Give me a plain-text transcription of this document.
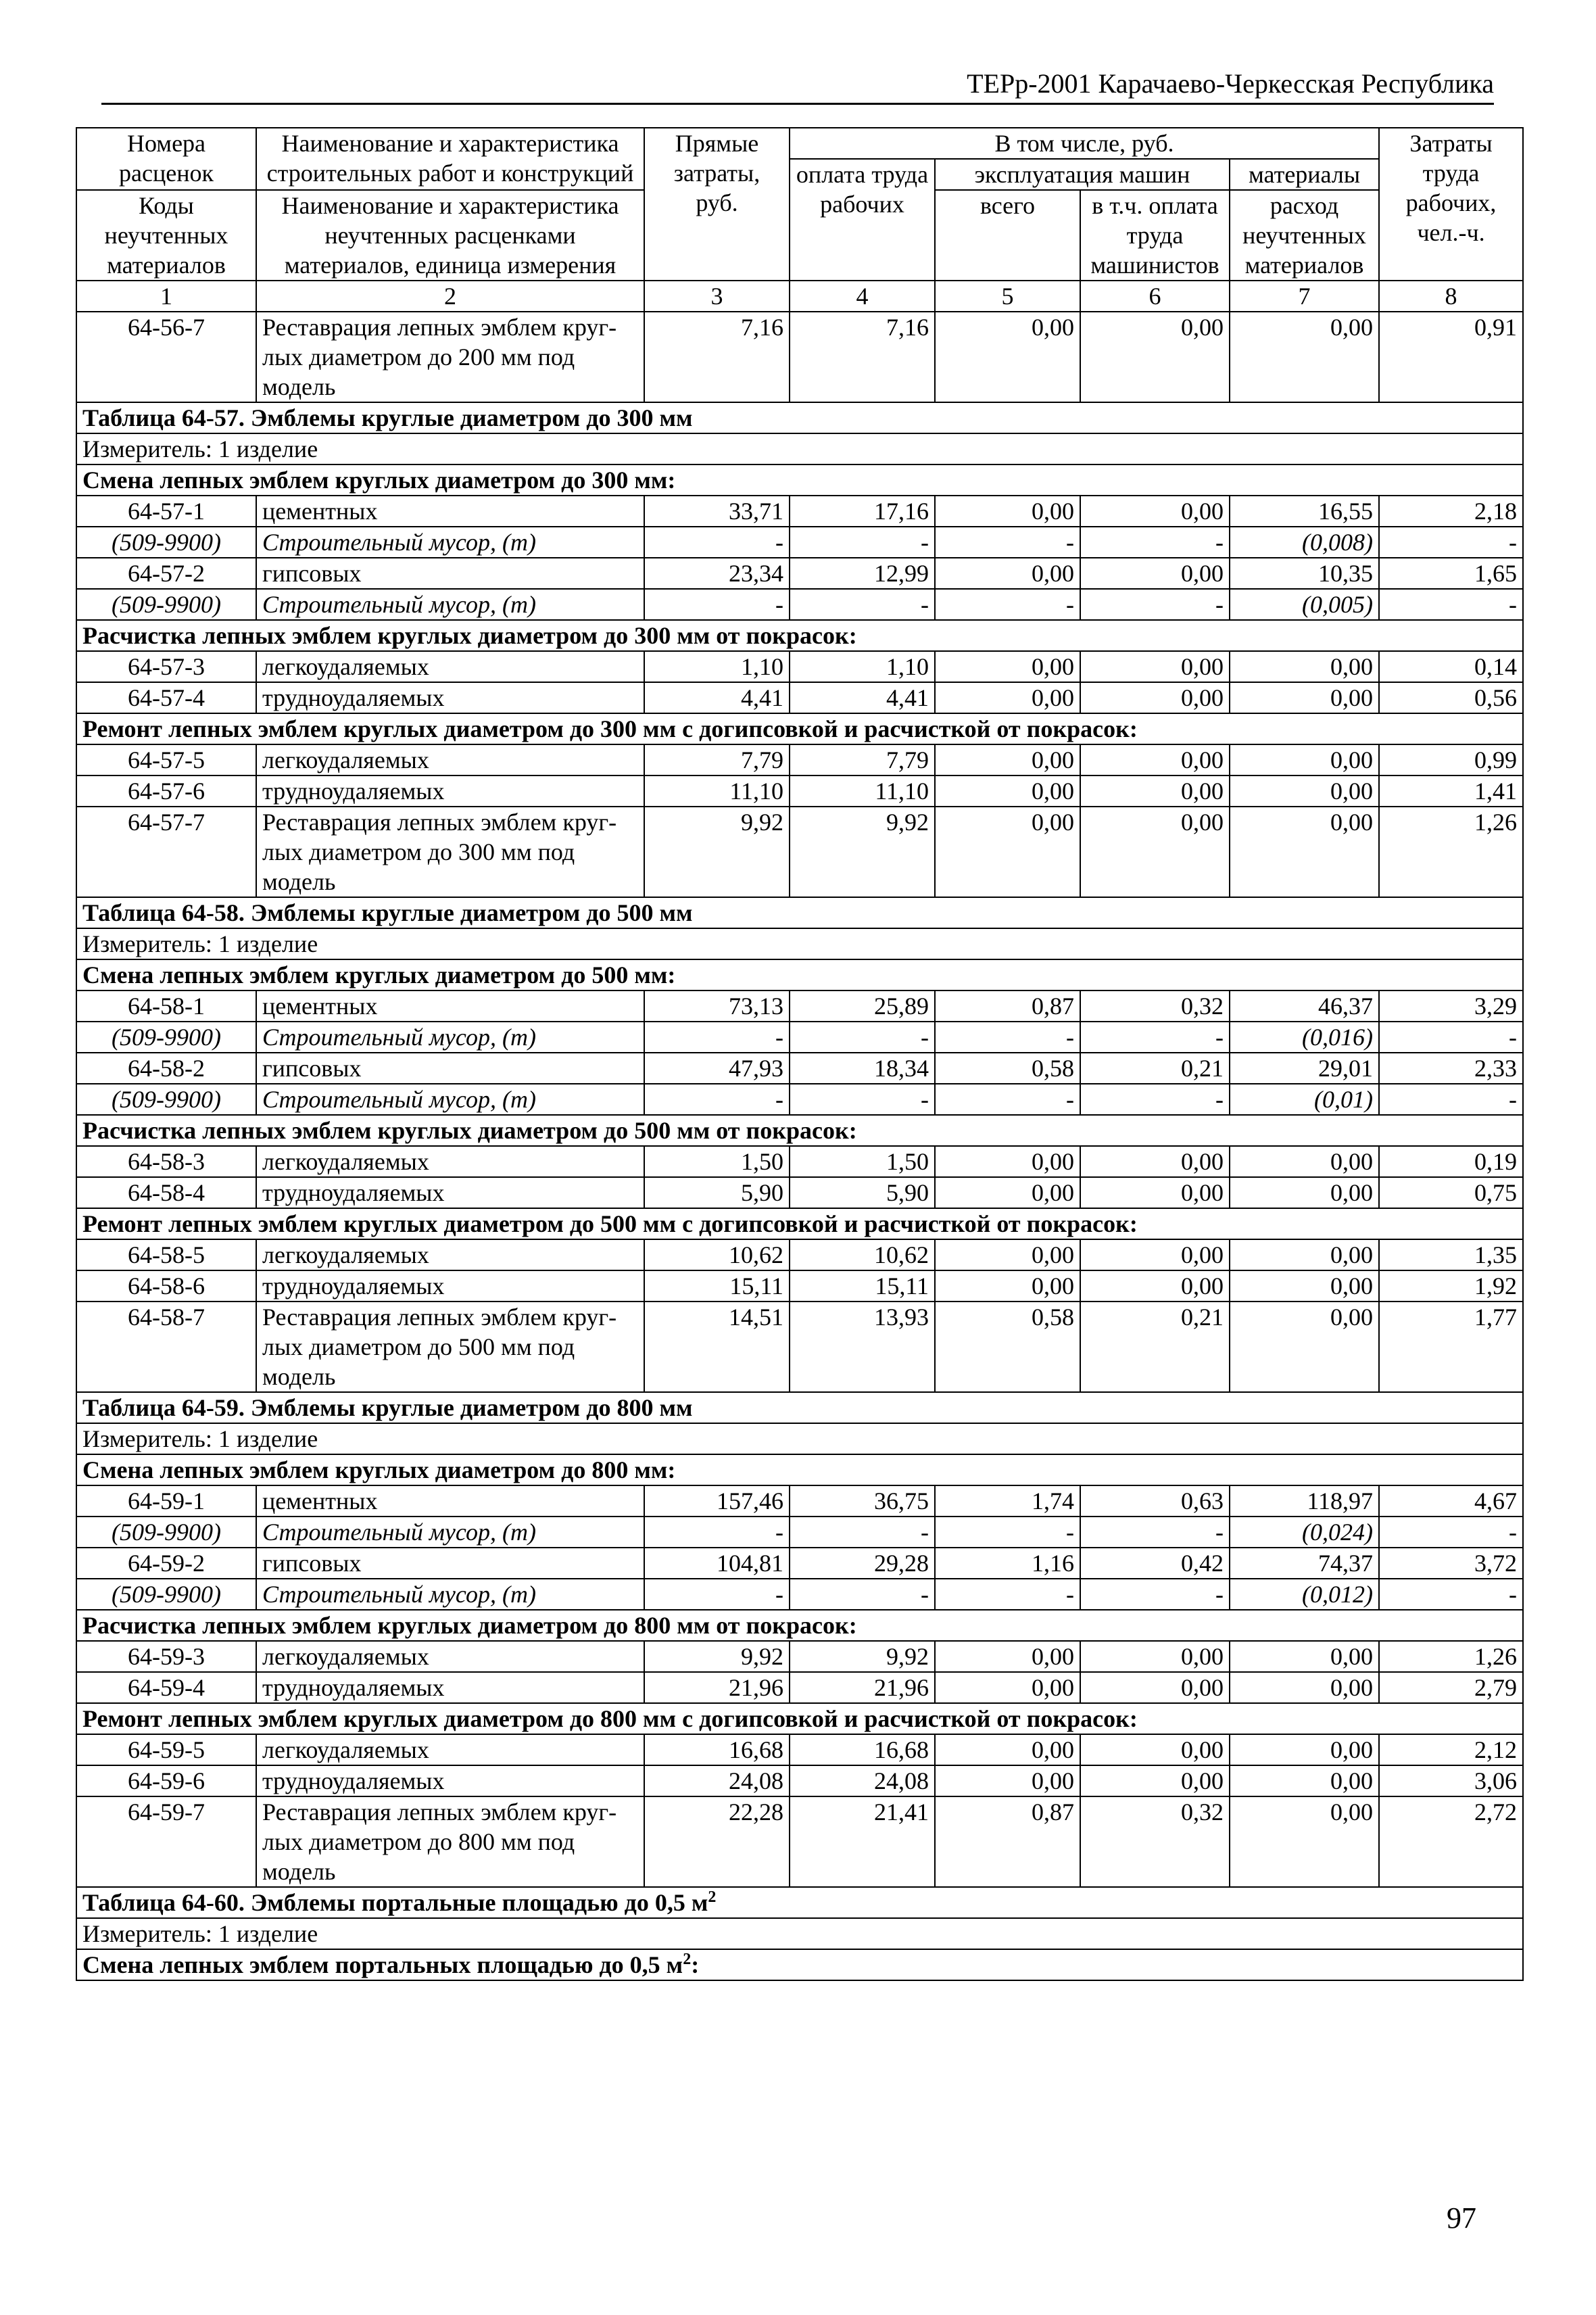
ТЕРр-2001 Карачаево-Черкесская Республика
Номера расценок	Наименование и характеристика строительных работ и конструкций	Прямые затраты, руб.	В том числе, руб.				Затраты труда рабочих, чел.-ч.
			оплата труда рабочих	эксплуатация машин		материалы	
Коды неучтенных материалов	Наименование и характеристика неучтенных расценками материалов, единица измерения			всего	в т.ч. оплата труда машинистов	расход неучтенных материалов	

1	2	3	4	5	6	7	8
64-56-7	Реставрация лепных эмблем круг-лых диаметром до 200 мм под модель	7,16	7,16	0,00	0,00	0,00	0,91
Таблица 64-57. Эмблемы круглые диаметром до 300 мм							
Измеритель: 1 изделие							
Смена лепных эмблем круглых диаметром до 300 мм:							
64-57-1	цементных	33,71	17,16	0,00	0,00	16,55	2,18
(509-9900)	Строительный мусор, (т)	-	-	-	-	(0,008)	-
64-57-2	гипсовых	23,34	12,99	0,00	0,00	10,35	1,65
(509-9900)	Строительный мусор, (т)	-	-	-	-	(0,005)	-
Расчистка лепных эмблем круглых диаметром до 300 мм от покрасок:							
64-57-3	легкоудаляемых	1,10	1,10	0,00	0,00	0,00	0,14
64-57-4	трудноудаляемых	4,41	4,41	0,00	0,00	0,00	0,56
Ремонт лепных эмблем круглых диаметром до 300 мм с догипсовкой и расчисткой от покрасок:							
64-57-5	легкоудаляемых	7,79	7,79	0,00	0,00	0,00	0,99
64-57-6	трудноудаляемых	11,10	11,10	0,00	0,00	0,00	1,41
64-57-7	Реставрация лепных эмблем круг-лых диаметром до 300 мм под модель	9,92	9,92	0,00	0,00	0,00	1,26
Таблица 64-58. Эмблемы круглые диаметром до 500 мм							
Измеритель: 1 изделие							
Смена лепных эмблем круглых диаметром до 500 мм:							
64-58-1	цементных	73,13	25,89	0,87	0,32	46,37	3,29
(509-9900)	Строительный мусор, (т)	-	-	-	-	(0,016)	-
64-58-2	гипсовых	47,93	18,34	0,58	0,21	29,01	2,33
(509-9900)	Строительный мусор, (т)	-	-	-	-	(0,01)	-
Расчистка лепных эмблем круглых диаметром до 500 мм от покрасок:							
64-58-3	легкоудаляемых	1,50	1,50	0,00	0,00	0,00	0,19
64-58-4	трудноудаляемых	5,90	5,90	0,00	0,00	0,00	0,75
Ремонт лепных эмблем круглых диаметром до 500 мм с догипсовкой и расчисткой от покрасок:							
64-58-5	легкоудаляемых	10,62	10,62	0,00	0,00	0,00	1,35
64-58-6	трудноудаляемых	15,11	15,11	0,00	0,00	0,00	1,92
64-58-7	Реставрация лепных эмблем круг-лых диаметром до 500 мм под модель	14,51	13,93	0,58	0,21	0,00	1,77
Таблица 64-59. Эмблемы круглые диаметром до 800 мм							
Измеритель: 1 изделие							
Смена лепных эмблем круглых диаметром до 800 мм:							
64-59-1	цементных	157,46	36,75	1,74	0,63	118,97	4,67
(509-9900)	Строительный мусор, (т)	-	-	-	-	(0,024)	-
64-59-2	гипсовых	104,81	29,28	1,16	0,42	74,37	3,72
(509-9900)	Строительный мусор, (т)	-	-	-	-	(0,012)	-
Расчистка лепных эмблем круглых диаметром до 800 мм от покрасок:							
64-59-3	легкоудаляемых	9,92	9,92	0,00	0,00	0,00	1,26
64-59-4	трудноудаляемых	21,96	21,96	0,00	0,00	0,00	2,79
Ремонт лепных эмблем круглых диаметром до 800 мм с догипсовкой и расчисткой от покрасок:							
64-59-5	легкоудаляемых	16,68	16,68	0,00	0,00	0,00	2,12
64-59-6	трудноудаляемых	24,08	24,08	0,00	0,00	0,00	3,06
64-59-7	Реставрация лепных эмблем круг-лых диаметром до 800 мм под модель	22,28	21,41	0,87	0,32	0,00	2,72
Таблица 64-60. Эмблемы портальные площадью до 0,5 $м^2$
Измеритель: 1 изделие							
Смена лепных эмблем портальных площадью до 0,5 $м^2$:							
97
